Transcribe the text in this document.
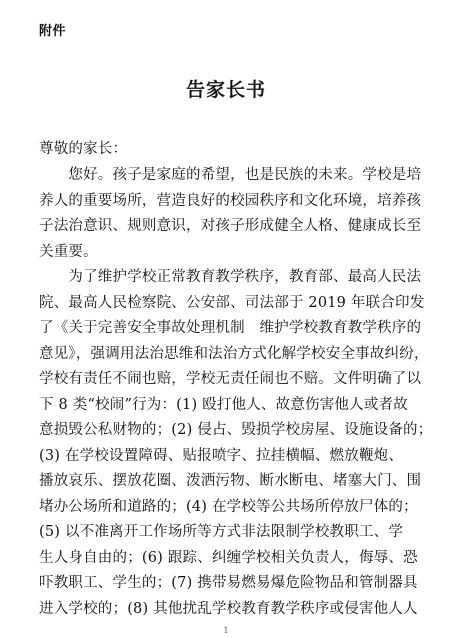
附件
告家长书
尊敬的家长：
　　您好。孩子是家庭的希望，也是民族的未来。学校是培
养人的重要场所，营造良好的校园秩序和文化环境，培养孩
子法治意识、规则意识，对孩子形成健全人格、健康成长至
关重要。
　　为了维护学校正常教育教学秩序，教育部、最高人民法
院、最高人民检察院、公安部、司法部于 2019 年联合印发
了《关于完善安全事故处理机制　维护学校教育教学秩序的
意见》，强调用法治思维和法治方式化解学校安全事故纠纷，
学校有责任不闹也赔，学校无责任闹也不赔。文件明确了以
下 8 类“校闹”行为：(1) 殴打他人、故意伤害他人或者故
意损毁公私财物的；(2) 侵占、毁损学校房屋、设施设备的；
(3) 在学校设置障碍、贴报喷字、拉挂横幅、燃放鞭炮、
播放哀乐、摆放花圈、泼洒污物、断水断电、堵塞大门、围
堵办公场所和道路的；(4) 在学校等公共场所停放尸体的；
(5) 以不准离开工作场所等方式非法限制学校教职工、学
生人身自由的；(6) 跟踪、纠缠学校相关负责人，侮辱、恐
吓教职工、学生的；(7) 携带易燃易爆危险物品和管制器具
进入学校的；(8) 其他扰乱学校教育教学秩序或侵害他人人
1
